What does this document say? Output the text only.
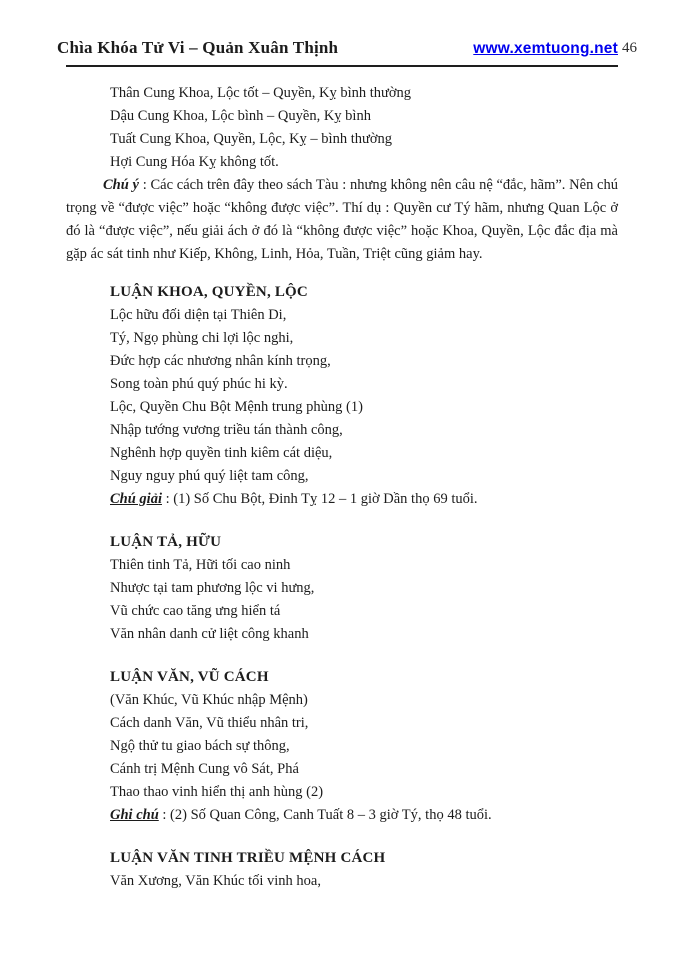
46
Chìa Khóa Tử Vi – Quản Xuân Thịnh	www.xemtuong.net
Thân Cung Khoa, Lộc tốt – Quyền, Kỵ bình thường
Dậu Cung Khoa, Lộc bình – Quyền, Kỵ bình
Tuất Cung Khoa, Quyền, Lộc, Kỵ – bình thường
Hợi Cung Hóa Kỵ không tốt.
Chú ý : Các cách trên đây theo sách Tàu : nhưng không nên câu nệ “đắc, hãm”. Nên chú trọng về “được việc” hoặc “không được việc”. Thí dụ : Quyền cư Tý hãm, nhưng Quan Lộc ở đó là “được việc”, nếu giải ách ở đó là “không được việc” hoặc Khoa, Quyền, Lộc đắc địa mà gặp ác sát tinh như Kiếp, Không, Linh, Hỏa, Tuần, Triệt cũng giảm hay.
LUẬN KHOA, QUYỀN, LỘC
Lộc hữu đối diện tại Thiên Di,
Tý, Ngọ phùng chi lợi lộc nghi,
Đức hợp các nhương nhân kính trọng,
Song toàn phú quý phúc hi kỳ.
Lộc, Quyền Chu Bột Mệnh trung phùng (1)
Nhập tướng vương triều tán thành công,
Nghênh hợp quyền tinh kiêm cát diệu,
Nguy nguy phú quý liệt tam công,
Chú giải : (1) Số Chu Bột, Đinh Tỵ 12 – 1 giờ Dần thọ 69 tuổi.
LUẬN TẢ, HỮU
Thiên tinh Tả, Hữi tối cao ninh
Nhược tại tam phương lộc vi hưng,
Vũ chức cao tăng ưng hiển tá
Văn nhân danh cử liệt công khanh
LUẬN VĂN, VŨ CÁCH
(Văn Khúc, Vũ Khúc nhập Mệnh)
Cách danh Văn, Vũ thiểu nhân tri,
Ngộ thử tu giao bách sự thông,
Cánh trị Mệnh Cung vô Sát, Phá
Thao thao vinh hiển thị anh hùng (2)
Ghi chú : (2) Số Quan Công, Canh Tuất 8 – 3 giờ Tý, thọ 48 tuổi.
LUẬN VĂN TINH TRIỀU MỆNH CÁCH
Văn Xương, Văn Khúc tối vinh hoa,
